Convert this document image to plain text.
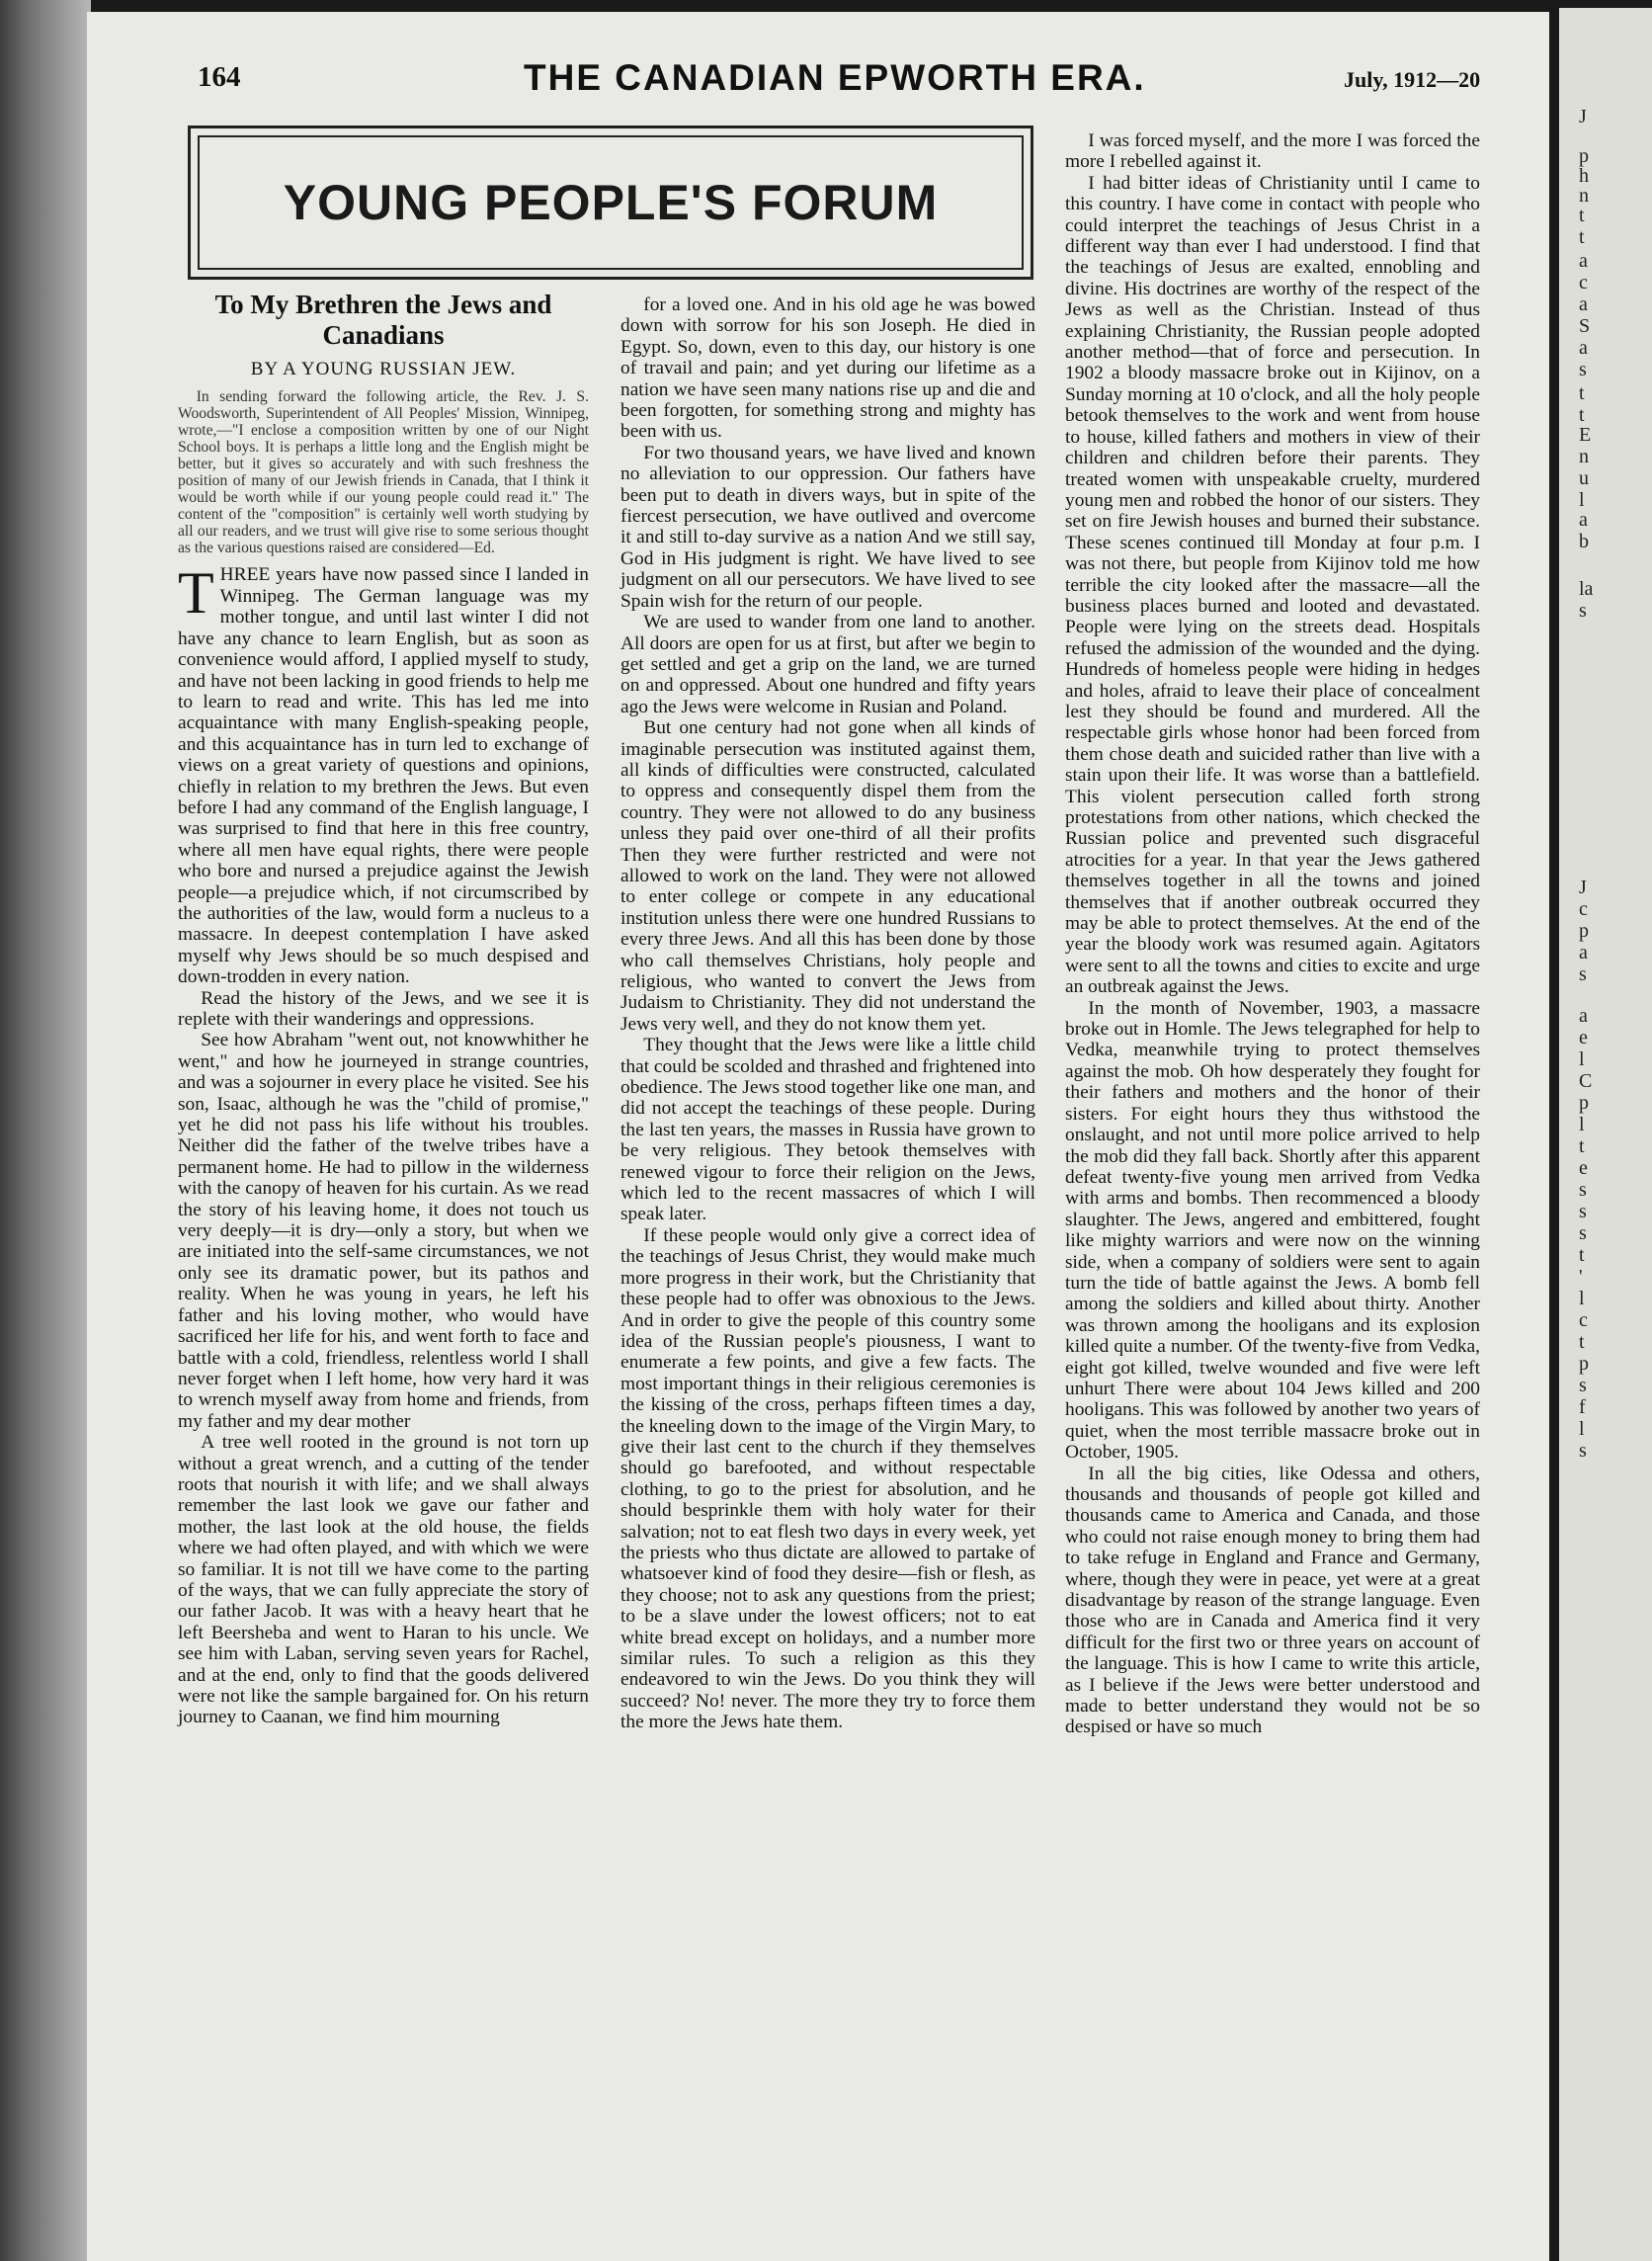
J
p
h
n
t
t
a
c
a
S
a
s
t
t
E
n
u
l
a
b
la
s
J
c
p
a
s
a
e
l
C
p
l
t
e
s
s
s
t
'
l
c
t
p
s
f
l
s
164	THE CANADIAN EPWORTH ERA.	July, 1912—20
YOUNG PEOPLE'S FORUM
To My Brethren the Jews and Canadians
BY A YOUNG RUSSIAN JEW.

In sending forward the following article, the Rev. J. S. Woodsworth, Superintendent of All Peoples' Mission, Winnipeg, wrote,—"I enclose a composition written by one of our Night School boys. It is perhaps a little long and the English might be better, but it gives so accurately and with such freshness the position of many of our Jewish friends in Canada, that I think it would be worth while if our young people could read it." The content of the "composition" is certainly well worth studying by all our readers, and we trust will give rise to some serious thought as the various questions raised are considered—Ed.

THREE years have now passed since I landed in Winnipeg. The German language was my mother tongue, and until last winter I did not have any chance to learn English, but as soon as convenience would afford, I applied myself to study, and have not been lacking in good friends to help me to learn to read and write. This has led me into acquaintance with many English-speaking people, and this acquaintance has in turn led to exchange of views on a great variety of questions and opinions, chiefly in relation to my brethren the Jews. But even before I had any command of the English language, I was surprised to find that here in this free country, where all men have equal rights, there were people who bore and nursed a prejudice against the Jewish people—a prejudice which, if not circumscribed by the authorities of the law, would form a nucleus to a massacre. In deepest contemplation I have asked myself why Jews should be so much despised and down-trodden in every nation.

Read the history of the Jews, and we see it is replete with their wanderings and oppressions.

See how Abraham "went out, not knowwhither he went," and how he journeyed in strange countries, and was a sojourner in every place he visited. See his son, Isaac, although he was the "child of promise," yet he did not pass his life without his troubles. Neither did the father of the twelve tribes have a permanent home. He had to pillow in the wilderness with the canopy of heaven for his curtain. As we read the story of his leaving home, it does not touch us very deeply—it is dry—only a story, but when we are initiated into the self-same circumstances, we not only see its dramatic power, but its pathos and reality. When he was young in years, he left his father and his loving mother, who would have sacrificed her life for his, and went forth to face and battle with a cold, friendless, relentless world I shall never forget when I left home, how very hard it was to wrench myself away from home and friends, from my father and my dear mother

A tree well rooted in the ground is not torn up without a great wrench, and a cutting of the tender roots that nourish it with life; and we shall always remember the last look we gave our father and mother, the last look at the old house, the fields where we had often played, and with which we were so familiar. It is not till we have come to the parting of the ways, that we can fully appreciate the story of our father Jacob. It was with a heavy heart that he left Beersheba and went to Haran to his uncle. We see him with Laban, serving seven years for Rachel, and at the end, only to find that the goods delivered were not like the sample bargained for. On his return journey to Caanan, we find him mourning

for a loved one. And in his old age he was bowed down with sorrow for his son Joseph. He died in Egypt. So, down, even to this day, our history is one of travail and pain; and yet during our lifetime as a nation we have seen many nations rise up and die and been forgotten, for something strong and mighty has been with us.

For two thousand years, we have lived and known no alleviation to our oppression. Our fathers have been put to death in divers ways, but in spite of the fiercest persecution, we have outlived and overcome it and still to-day survive as a nation And we still say, God in His judgment is right. We have lived to see judgment on all our persecutors. We have lived to see Spain wish for the return of our people.

We are used to wander from one land to another. All doors are open for us at first, but after we begin to get settled and get a grip on the land, we are turned on and oppressed. About one hundred and fifty years ago the Jews were welcome in Rusian and Poland.

But one century had not gone when all kinds of imaginable persecution was instituted against them, all kinds of difficulties were constructed, calculated to oppress and consequently dispel them from the country. They were not allowed to do any business unless they paid over one-third of all their profits Then they were further restricted and were not allowed to work on the land. They were not allowed to enter college or compete in any educational institution unless there were one hundred Russians to every three Jews. And all this has been done by those who call themselves Christians, holy people and religious, who wanted to convert the Jews from Judaism to Christianity. They did not understand the Jews very well, and they do not know them yet.

They thought that the Jews were like a little child that could be scolded and thrashed and frightened into obedience. The Jews stood together like one man, and did not accept the teachings of these people. During the last ten years, the masses in Russia have grown to be very religious. They betook themselves with renewed vigour to force their religion on the Jews, which led to the recent massacres of which I will speak later.

If these people would only give a correct idea of the teachings of Jesus Christ, they would make much more progress in their work, but the Christianity that these people had to offer was obnoxious to the Jews. And in order to give the people of this country some idea of the Russian people's piousness, I want to enumerate a few points, and give a few facts. The most important things in their religious ceremonies is the kissing of the cross, perhaps fifteen times a day, the kneeling down to the image of the Virgin Mary, to give their last cent to the church if they themselves should go barefooted, and without respectable clothing, to go to the priest for absolution, and he should besprinkle them with holy water for their salvation; not to eat flesh two days in every week, yet the priests who thus dictate are allowed to partake of whatsoever kind of food they desire—fish or flesh, as they choose; not to ask any questions from the priest; to be a slave under the lowest officers; not to eat white bread except on holidays, and a number more similar rules. To such a religion as this they endeavored to win the Jews. Do you think they will succeed? No! never. The more they try to force them the more the Jews hate them.

I was forced myself, and the more I was forced the more I rebelled against it.

I had bitter ideas of Christianity until I came to this country. I have come in contact with people who could interpret the teachings of Jesus Christ in a different way than ever I had understood. I find that the teachings of Jesus are exalted, ennobling and divine. His doctrines are worthy of the respect of the Jews as well as the Christian. Instead of thus explaining Christianity, the Russian people adopted another method—that of force and persecution. In 1902 a bloody massacre broke out in Kijinov, on a Sunday morning at 10 o'clock, and all the holy people betook themselves to the work and went from house to house, killed fathers and mothers in view of their children and children before their parents. They treated women with unspeakable cruelty, murdered young men and robbed the honor of our sisters. They set on fire Jewish houses and burned their substance. These scenes continued till Monday at four p.m. I was not there, but people from Kijinov told me how terrible the city looked after the massacre—all the business places burned and looted and devastated. People were lying on the streets dead. Hospitals refused the admission of the wounded and the dying. Hundreds of homeless people were hiding in hedges and holes, afraid to leave their place of concealment lest they should be found and murdered. All the respectable girls whose honor had been forced from them chose death and suicided rather than live with a stain upon their life. It was worse than a battlefield. This violent persecution called forth strong protestations from other nations, which checked the Russian police and prevented such disgraceful atrocities for a year. In that year the Jews gathered themselves together in all the towns and joined themselves that if another outbreak occurred they may be able to protect themselves. At the end of the year the bloody work was resumed again. Agitators were sent to all the towns and cities to excite and urge an outbreak against the Jews.

In the month of November, 1903, a massacre broke out in Homle. The Jews telegraphed for help to Vedka, meanwhile trying to protect themselves against the mob. Oh how desperately they fought for their fathers and mothers and the honor of their sisters. For eight hours they thus withstood the onslaught, and not until more police arrived to help the mob did they fall back. Shortly after this apparent defeat twenty-five young men arrived from Vedka with arms and bombs. Then recommenced a bloody slaughter. The Jews, angered and embittered, fought like mighty warriors and were now on the winning side, when a company of soldiers were sent to again turn the tide of battle against the Jews. A bomb fell among the soldiers and killed about thirty. Another was thrown among the hooligans and its explosion killed quite a number. Of the twenty-five from Vedka, eight got killed, twelve wounded and five were left unhurt There were about 104 Jews killed and 200 hooligans. This was followed by another two years of quiet, when the most terrible massacre broke out in October, 1905.

In all the big cities, like Odessa and others, thousands and thousands of people got killed and thousands came to America and Canada, and those who could not raise enough money to bring them had to take refuge in England and France and Germany, where, though they were in peace, yet were at a great disadvantage by reason of the strange language. Even those who are in Canada and America find it very difficult for the first two or three years on account of the language. This is how I came to write this article, as I believe if the Jews were better understood and made to better understand they would not be so despised or have so much
